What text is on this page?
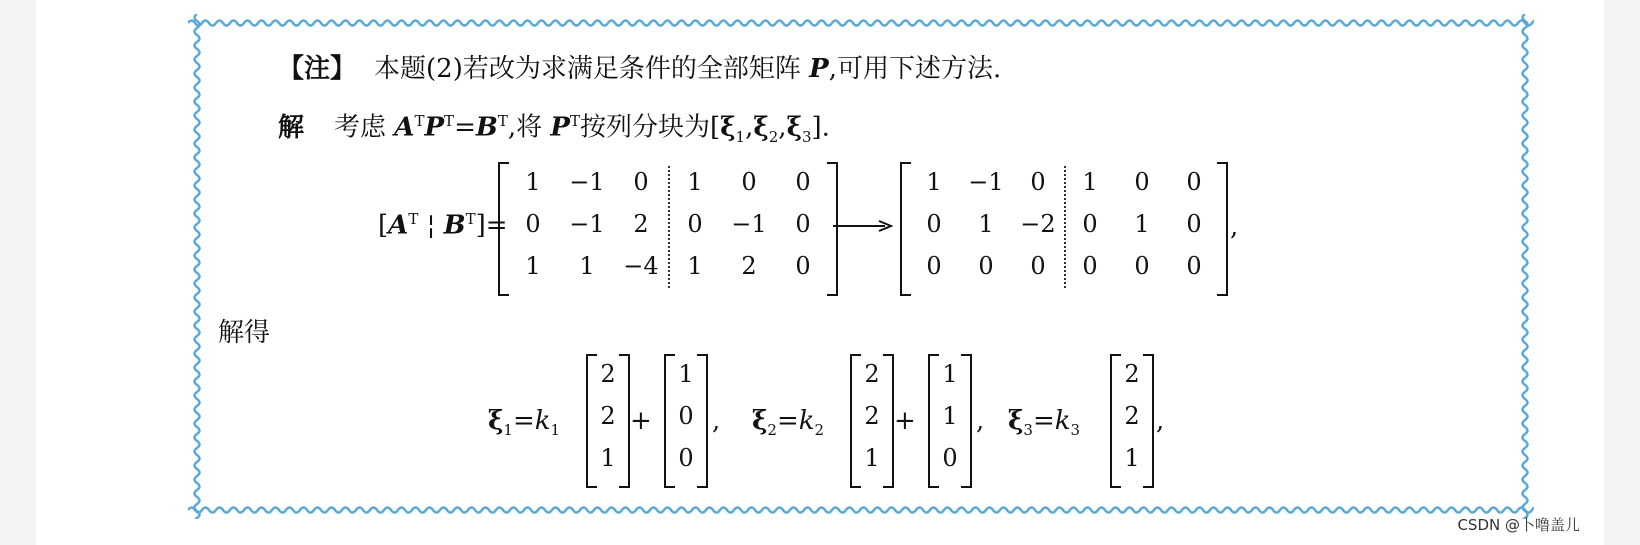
【注】 本题(2)若改为求满足条件的全部矩阵 P,可用下述方法.
解 考虑 $A^TP^T=B^T$,将 $P^T$按列分块为$[\xi_1,\xi_2,\xi_3]$.
[$A^T$ ¦ $B^T]=$
1	−1	0	1	0	0
0	−1	2	0	−1	0
1	1	−4	1	2	0
1	−1	0	1	0	0
0	1	−2	0	1	0
0	0	0	0	0	0
,
解得
$\xi_1=k_1$
2
2
1
+
1
0
0
, $\xi_2=k_2$
2
2
1
+
1
1
0
, $\xi_3=k_3$
2
2
1
,
CSDN @卜噜盖儿
